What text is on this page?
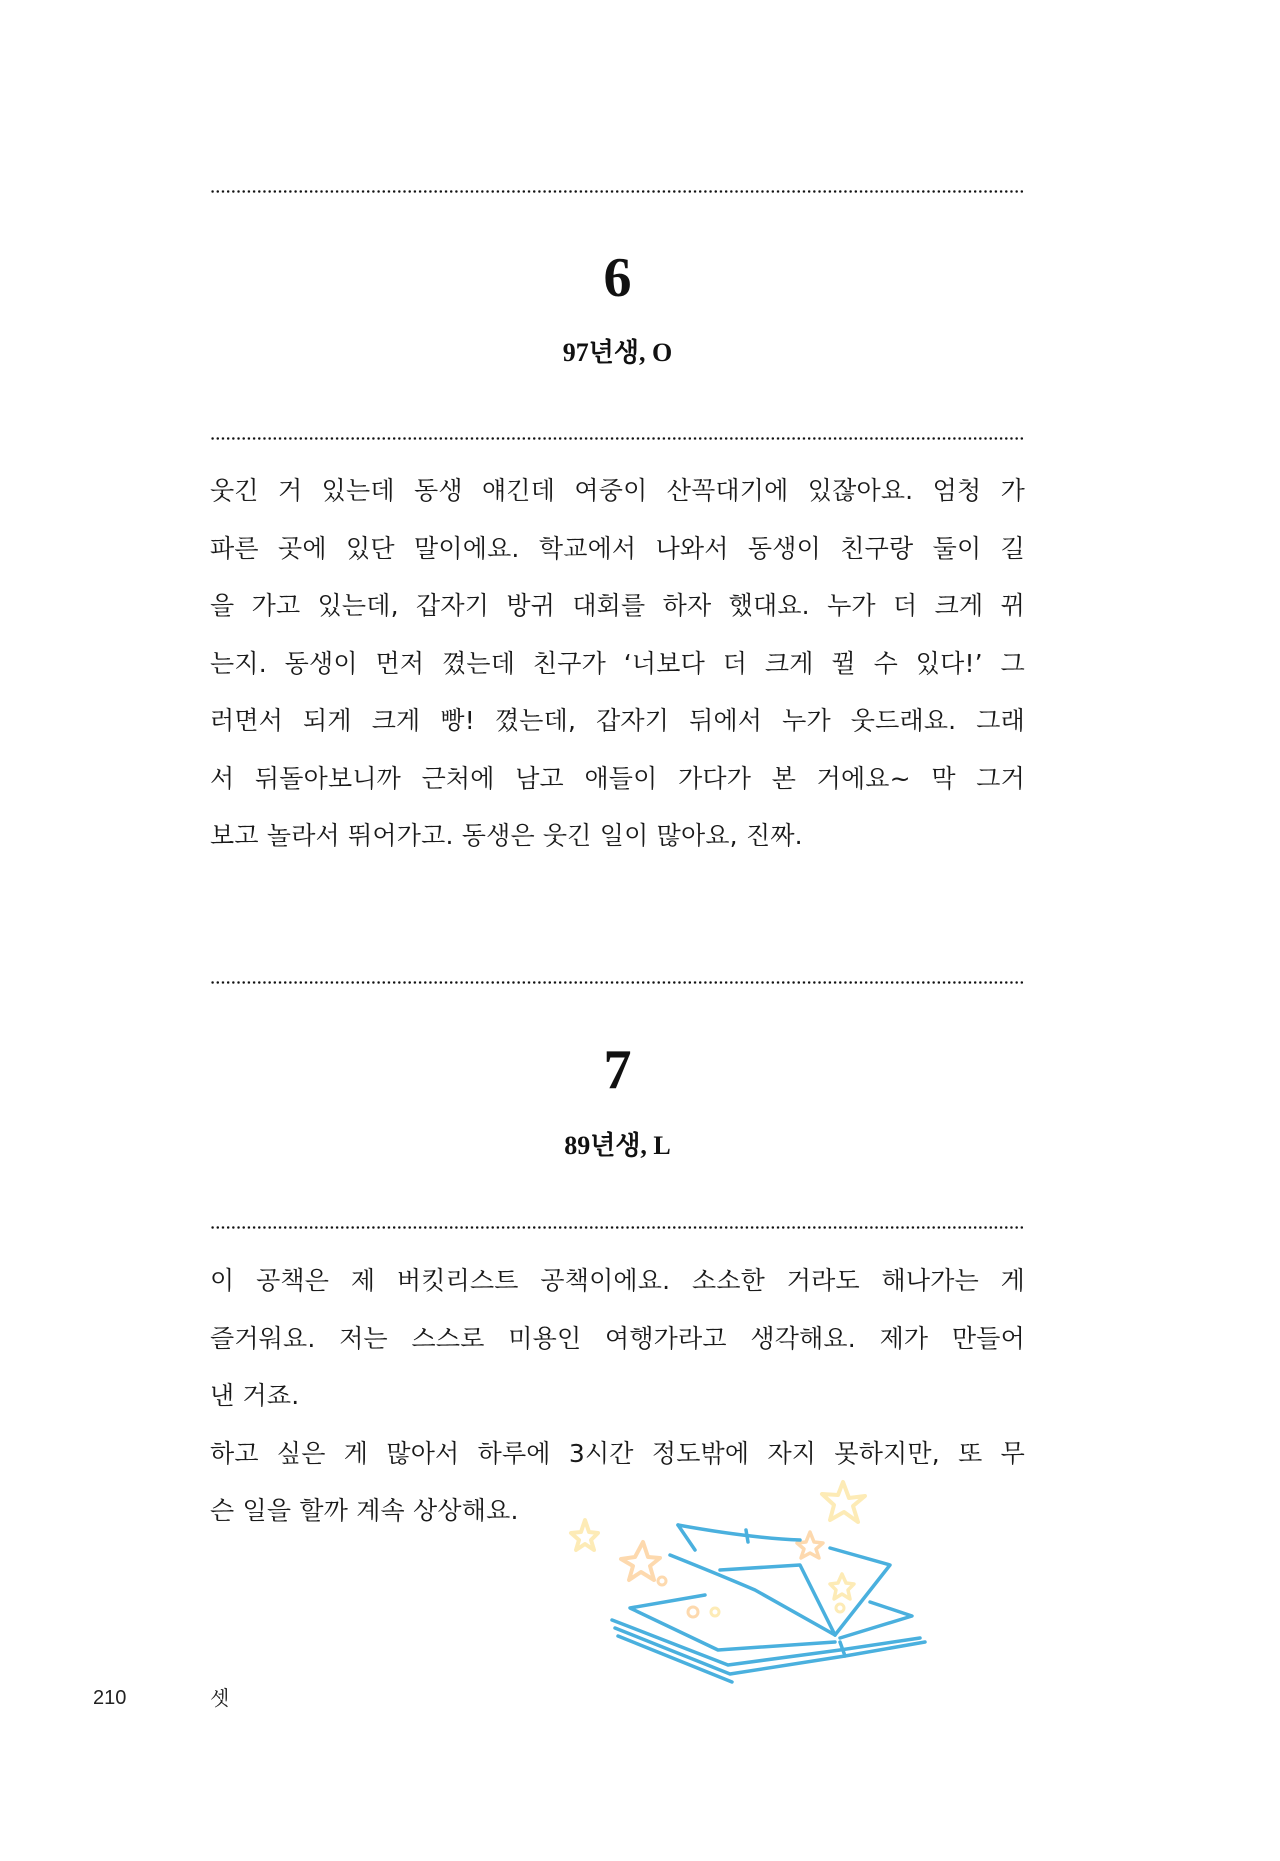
6
97년생, O
웃긴 거 있는데 동생 얘긴데 여중이 산꼭대기에 있잖아요. 엄청 가
파른 곳에 있단 말이에요. 학교에서 나와서 동생이 친구랑 둘이 길
을 가고 있는데, 갑자기 방귀 대회를 하자 했대요. 누가 더 크게 뀌
는지. 동생이 먼저 꼈는데 친구가 ‘너보다 더 크게 뀔 수 있다!’ 그
러면서 되게 크게 빵! 꼈는데, 갑자기 뒤에서 누가 웃드래요. 그래
서 뒤돌아보니까 근처에 남고 애들이 가다가 본 거에요~ 막 그거
보고 놀라서 뛰어가고. 동생은 웃긴 일이 많아요, 진짜.
7
89년생, L
이 공책은 제 버킷리스트 공책이에요. 소소한 거라도 해나가는 게
즐거워요. 저는 스스로 미용인 여행가라고 생각해요. 제가 만들어
낸 거죠.
하고 싶은 게 많아서 하루에 3시간 정도밖에 자지 못하지만, 또 무
슨 일을 할까 계속 상상해요.
210	셋
